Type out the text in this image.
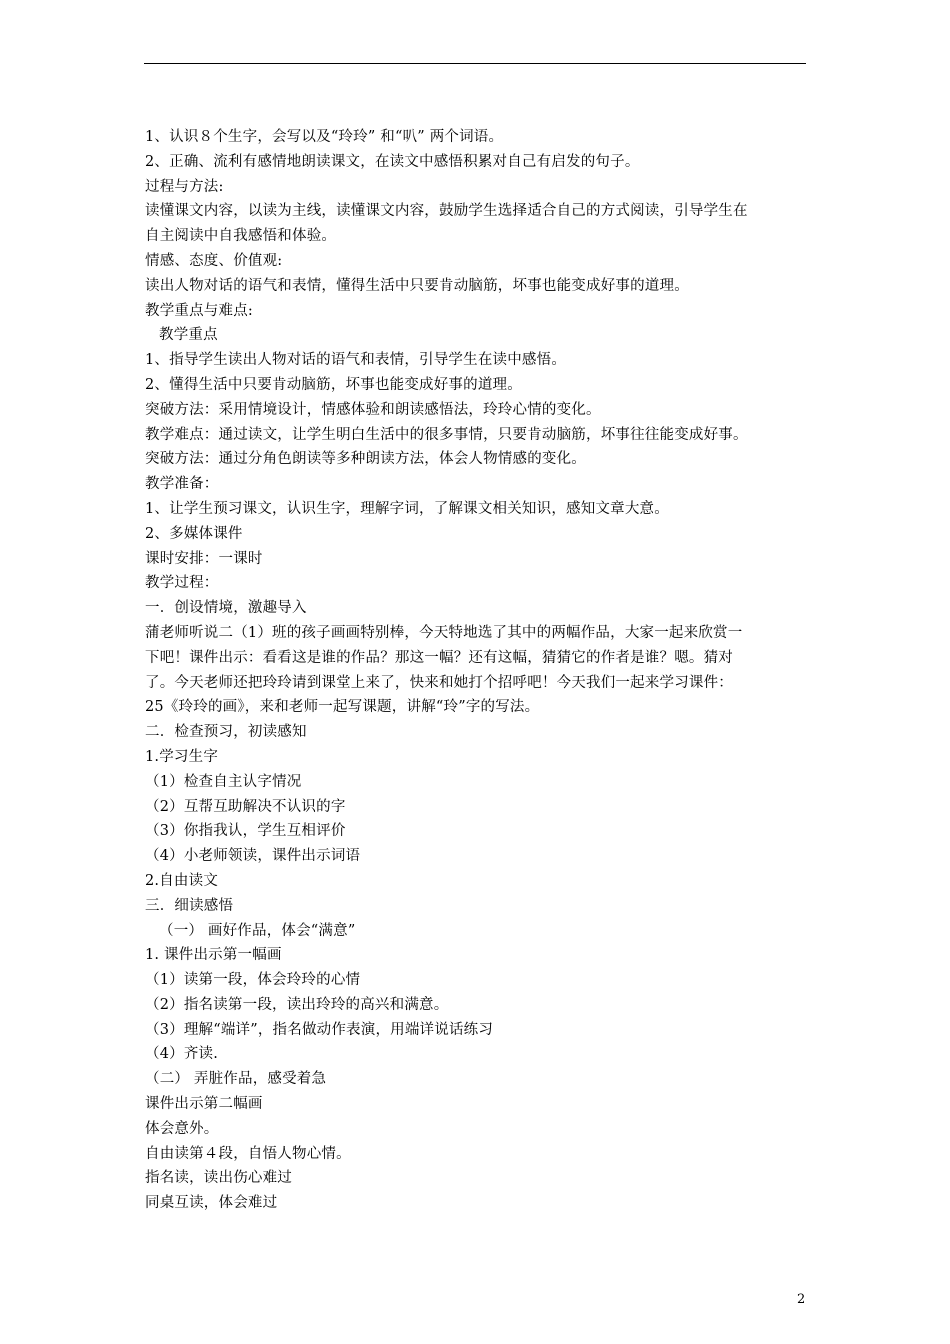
1、认识８个生字，会写以及“玲玲” 和“叭” 两个词语。
2、正确、流利有感情地朗读课文，在读文中感悟积累对自己有启发的句子。
过程与方法:
读懂课文内容，以读为主线，读懂课文内容，鼓励学生选择适合自己的方式阅读，引导学生在
自主阅读中自我感悟和体验。
情感、态度、价值观:
读出人物对话的语气和表情，懂得生活中只要肯动脑筋，坏事也能变成好事的道理。
教学重点与难点:
教学重点
1、指导学生读出人物对话的语气和表情，引导学生在读中感悟。
2、懂得生活中只要肯动脑筋，坏事也能变成好事的道理。
突破方法：采用情境设计，情感体验和朗读感悟法，玲玲心情的变化。
教学难点：通过读文，让学生明白生活中的很多事情，只要肯动脑筋，坏事往往能变成好事。
突破方法：通过分角色朗读等多种朗读方法，体会人物情感的变化。
教学准备：
1、让学生预习课文，认识生字，理解字词，了解课文相关知识，感知文章大意。
2、多媒体课件
课时安排：一课时
教学过程：
一．创设情境，激趣导入
蒲老师听说二（1）班的孩子画画特别棒，今天特地选了其中的两幅作品，大家一起来欣赏一
下吧！课件出示：看看这是谁的作品？那这一幅？还有这幅，猜猜它的作者是谁？嗯。猜对
了。今天老师还把玲玲请到课堂上来了，快来和她打个招呼吧！今天我们一起来学习课件：
25《玲玲的画》，来和老师一起写课题，讲解“玲”字的写法。
二．检查预习，初读感知
1.学习生字
（1）检查自主认字情况
（2）互帮互助解决不认识的字
（3）你指我认，学生互相评价
（4）小老师领读，课件出示词语
2.自由读文
三．细读感悟
（一） 画好作品，体会“满意”
1. 课件出示第一幅画
（1）读第一段，体会玲玲的心情
（2）指名读第一段，读出玲玲的高兴和满意。
（3）理解“端详”，指名做动作表演，用端详说话练习
（4）齐读.
（二） 弄脏作品，感受着急
课件出示第二幅画
体会意外。
自由读第４段，自悟人物心情。
指名读，读出伤心难过
同桌互读，体会难过
2
